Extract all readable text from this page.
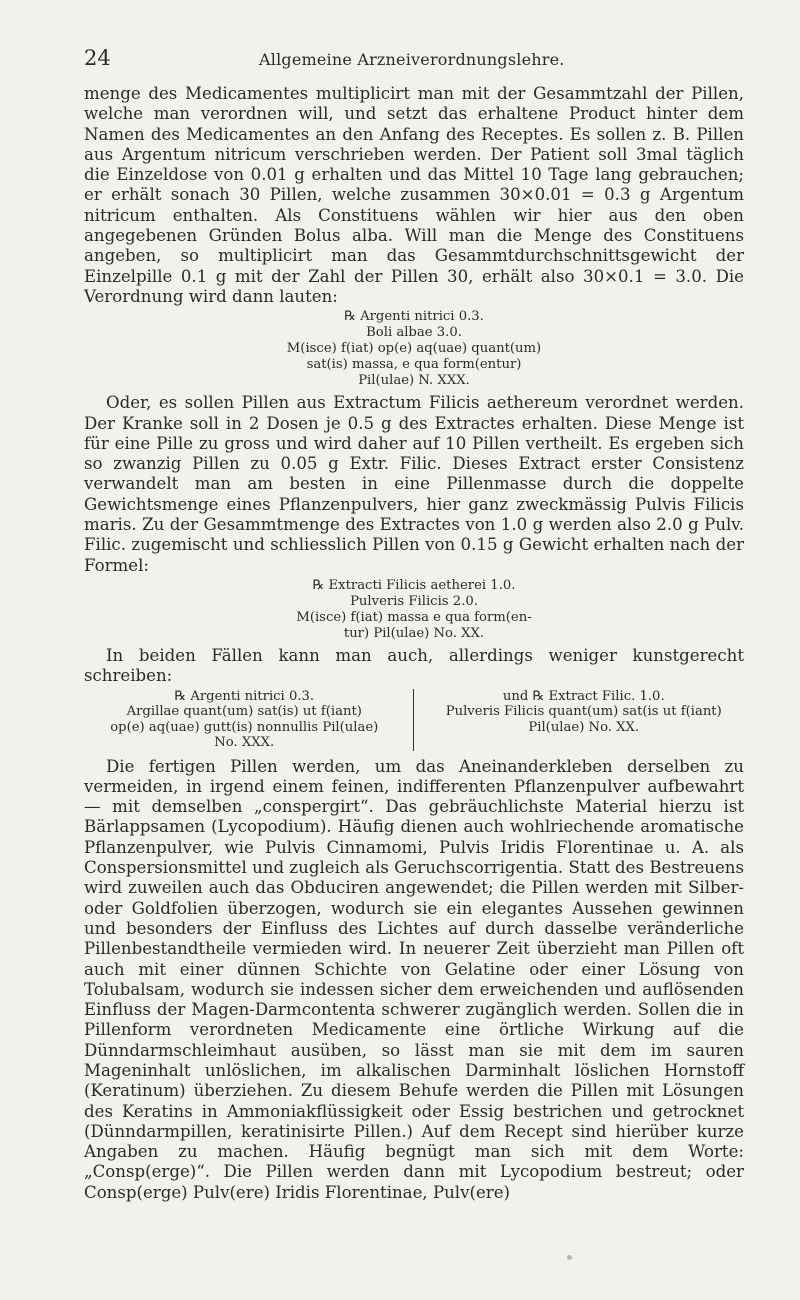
24	Allgemeine Arzneiverordnungslehre.

menge des Medicamentes multiplicirt man mit der Gesammtzahl der Pillen, welche man verordnen will, und setzt das erhaltene Product hinter dem Namen des Medicamentes an den Anfang des Receptes. Es sollen z. B. Pillen aus Argentum nitricum verschrieben werden. Der Patient soll 3mal täglich die Einzeldose von 0.01 g erhalten und das Mittel 10 Tage lang gebrauchen; er erhält sonach 30 Pillen, welche zusammen 30×0.01 = 0.3 g Argentum nitricum enthalten. Als Constituens wählen wir hier aus den oben angegebenen Gründen Bolus alba. Will man die Menge des Constituens angeben, so multiplicirt man das Gesammtdurchschnittsgewicht der Einzelpille 0.1 g mit der Zahl der Pillen 30, erhält also 30×0.1 = 3.0. Die Verordnung wird dann lauten:

℞ Argenti nitrici 0.3.
Boli albae 3.0.
M(isce) f(iat) op(e) aq(uae) quant(um)
sat(is) massa, e qua form(entur)
Pil(ulae) N. XXX.

Oder, es sollen Pillen aus Extractum Filicis aethereum verordnet werden. Der Kranke soll in 2 Dosen je 0.5 g des Extractes erhalten. Diese Menge ist für eine Pille zu gross und wird daher auf 10 Pillen vertheilt. Es ergeben sich so zwanzig Pillen zu 0.05 g Extr. Filic. Dieses Extract erster Consistenz verwandelt man am besten in eine Pillenmasse durch die doppelte Gewichtsmenge eines Pflanzenpulvers, hier ganz zweckmässig Pulvis Filicis maris. Zu der Gesammtmenge des Extractes von 1.0 g werden also 2.0 g Pulv. Filic. zugemischt und schliesslich Pillen von 0.15 g Gewicht erhalten nach der Formel:

℞ Extracti Filicis aetherei 1.0.
Pulveris Filicis 2.0.
M(isce) f(iat) massa e qua form(en-
tur) Pil(ulae) No. XX.

In beiden Fällen kann man auch, allerdings weniger kunstgerecht schreiben:

℞ Argenti nitrici 0.3.
Argillae quant(um) sat(is) ut f(iant)
op(e) aq(uae) gutt(is) nonnullis Pil(ulae)
No. XXX.
und ℞ Extract Filic. 1.0.
Pulveris Filicis quant(um) sat(is ut f(iant)
Pil(ulae) No. XX.

Die fertigen Pillen werden, um das Aneinanderkleben derselben zu vermeiden, in irgend einem feinen, indifferenten Pflanzenpulver aufbewahrt — mit demselben „conspergirt“. Das gebräuchlichste Material hierzu ist Bärlappsamen (Lycopodium). Häufig dienen auch wohlriechende aromatische Pflanzenpulver, wie Pulvis Cinnamomi, Pulvis Iridis Florentinae u. A. als Conspersionsmittel und zugleich als Geruchscorrigentia. Statt des Bestreuens wird zuweilen auch das Obduciren angewendet; die Pillen werden mit Silber- oder Goldfolien überzogen, wodurch sie ein elegantes Aussehen gewinnen und besonders der Einfluss des Lichtes auf durch dasselbe veränderliche Pillenbestandtheile vermieden wird. In neuerer Zeit überzieht man Pillen oft auch mit einer dünnen Schichte von Gelatine oder einer Lösung von Tolubalsam, wodurch sie indessen sicher dem erweichenden und auflösenden Einfluss der Magen-Darmcontenta schwerer zugänglich werden. Sollen die in Pillenform verordneten Medicamente eine örtliche Wirkung auf die Dünndarmschleimhaut ausüben, so lässt man sie mit dem im sauren Mageninhalt unlöslichen, im alkalischen Darminhalt löslichen Hornstoff (Keratinum) überziehen. Zu diesem Behufe werden die Pillen mit Lösungen des Keratins in Ammoniakflüssigkeit oder Essig bestrichen und getrocknet (Dünndarmpillen, keratinisirte Pillen.) Auf dem Recept sind hierüber kurze Angaben zu machen. Häufig begnügt man sich mit dem Worte: „Consp(erge)“. Die Pillen werden dann mit Lycopodium bestreut; oder Consp(erge) Pulv(ere) Iridis Florentinae, Pulv(ere)
